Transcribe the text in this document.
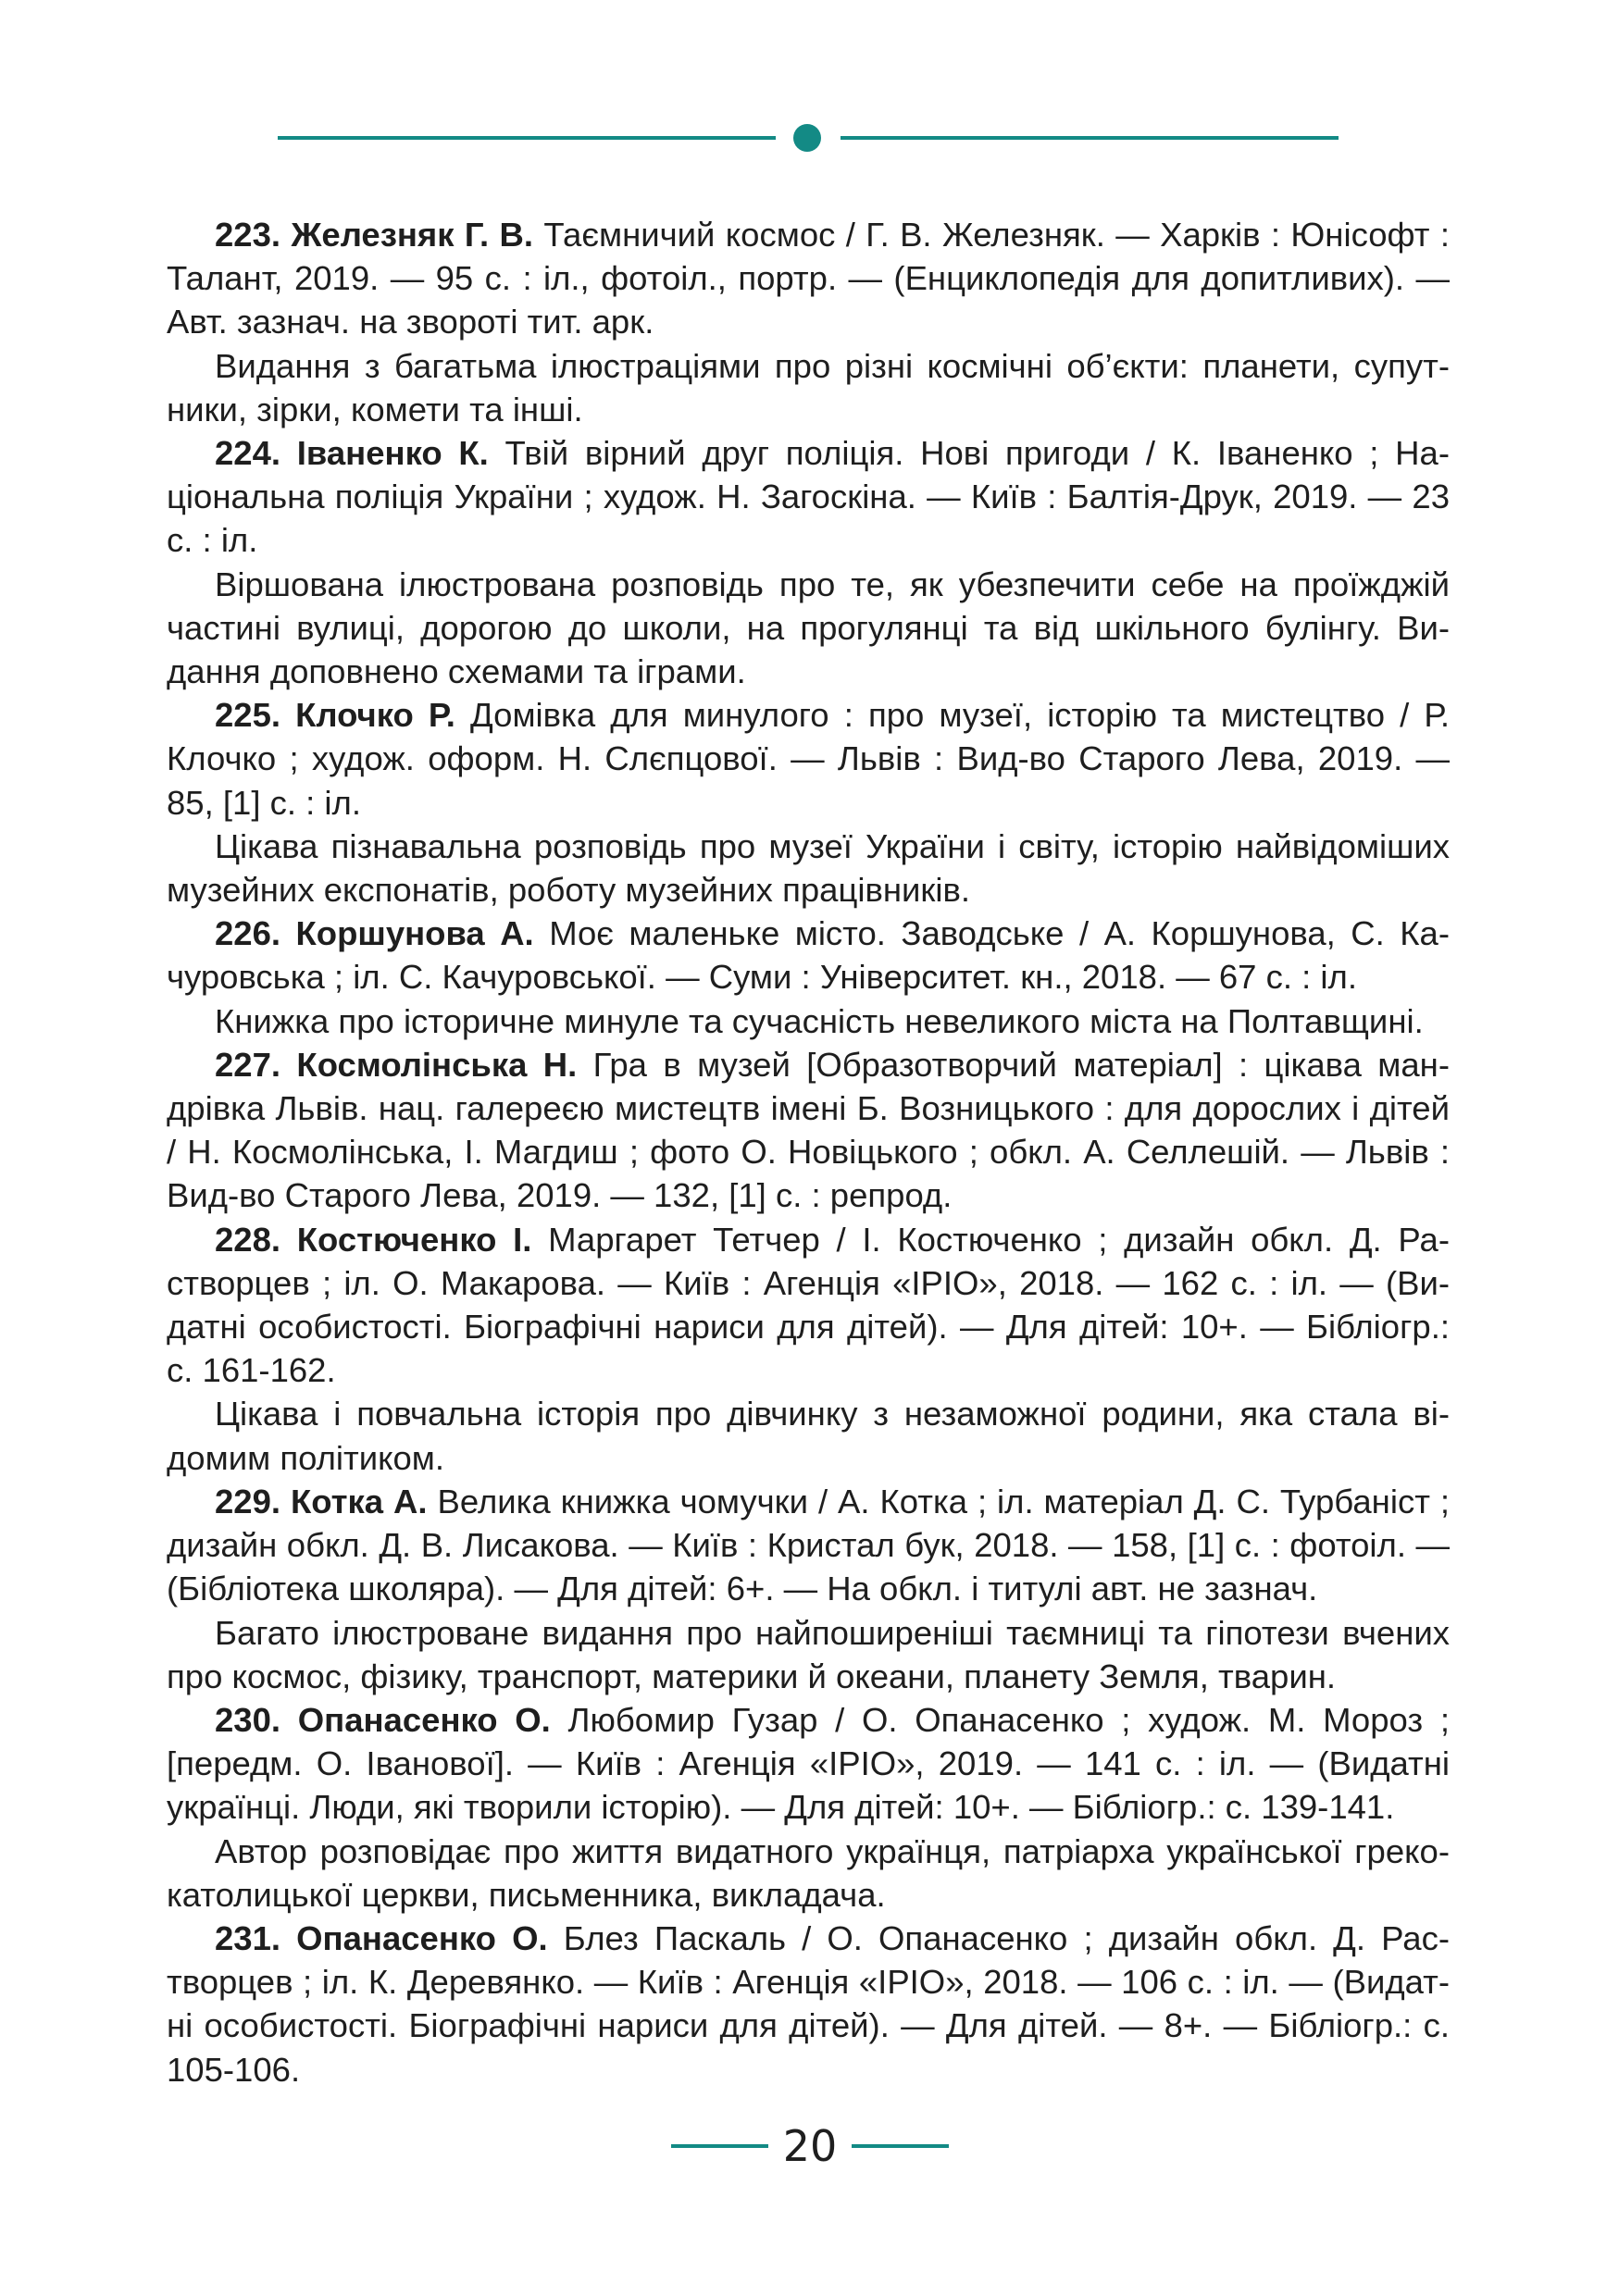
223. Железняк Г. В. Таємничий космос / Г. В. Железняк. — Харків : Юнісофт : Талант, 2019. — 95 с. : іл., фотоіл., портр. — (Енциклопедія для допитливих). — Авт. зазнач. на звороті тит. арк.

Видання з багатьма ілюстраціями про різні космічні об’єкти: планети, супутники, зірки, комети та інші.

224. Іваненко К. Твій вірний друг поліція. Нові пригоди / К. Іваненко ; Національна поліція України ; худож. Н. Загоскіна. — Київ : Балтія-Друк, 2019. — 23 с. : іл.

Віршована ілюстрована розповідь про те, як убезпечити себе на проїжджій частині вулиці, дорогою до школи, на прогулянці та від шкільного булінгу. Видання доповнено схемами та іграми.

225. Клочко Р. Домівка для минулого : про музеї, історію та мистецтво / Р. Клочко ; худож. оформ. Н. Слєпцової. — Львів : Вид-во Старого Лева, 2019. — 85, [1] с. : іл.

Цікава пізнавальна розповідь про музеї України і світу, історію найвідоміших музейних експонатів, роботу музейних працівників.

226. Коршунова А. Моє маленьке місто. Заводське / А. Коршунова, С. Качуровська ; іл. С. Качуровської. — Суми : Університет. кн., 2018. — 67 с. : іл.

Книжка про історичне минуле та сучасність невеликого міста на Полтавщині.

227. Космолінська Н. Гра в музей [Образотворчий матеріал] : цікава мандрівка Львів. нац. галереєю мистецтв імені Б. Возницького : для дорослих і дітей / Н. Космолінська, І. Магдиш ; фото О. Новіцького ; обкл. А. Селлешій. — Львів : Вид-во Старого Лева, 2019. — 132, [1] с. : репрод.

228. Костюченко І. Маргарет Тетчер / І. Костюченко ; дизайн обкл. Д. Растворцев ; іл. О. Макарова. — Київ : Агенція «ІРІО», 2018. — 162 с. : іл. — (Видатні особистості. Біографічні нариси для дітей). — Для дітей: 10+. — Бібліогр.: с. 161-162.

Цікава і повчальна історія про дівчинку з незаможної родини, яка стала відомим політиком.

229. Котка А. Велика книжка чомучки / А. Котка ; іл. матеріал Д. С. Турбаніст ; дизайн обкл. Д. В. Лисакова. — Київ : Кристал бук, 2018. — 158, [1] с. : фотоіл. — (Бібліотека школяра). — Для дітей: 6+. — На обкл. і титулі авт. не зазнач.

Багато ілюстроване видання про найпоширеніші таємниці та гіпотези вчених про космос, фізику, транспорт, материки й океани, планету Земля, тварин.

230. Опанасенко О. Любомир Гузар / О. Опанасенко ; худож. М. Мороз ; [передм. О. Іванової]. — Київ : Агенція «ІРІО», 2019. — 141 с. : іл. — (Видатні українці. Люди, які творили історію). — Для дітей: 10+. — Бібліогр.: с. 139-141.

Автор розповідає про життя видатного українця, патріарха української греко-католицької церкви, письменника, викладача.

231. Опанасенко О. Блез Паскаль / О. Опанасенко ; дизайн обкл. Д. Растворцев ; іл. К. Деревянко. — Київ : Агенція «ІРІО», 2018. — 106 с. : іл. — (Видатні особистості. Біографічні нариси для дітей). — Для дітей. — 8+. — Бібліогр.: с. 105-106.

20
